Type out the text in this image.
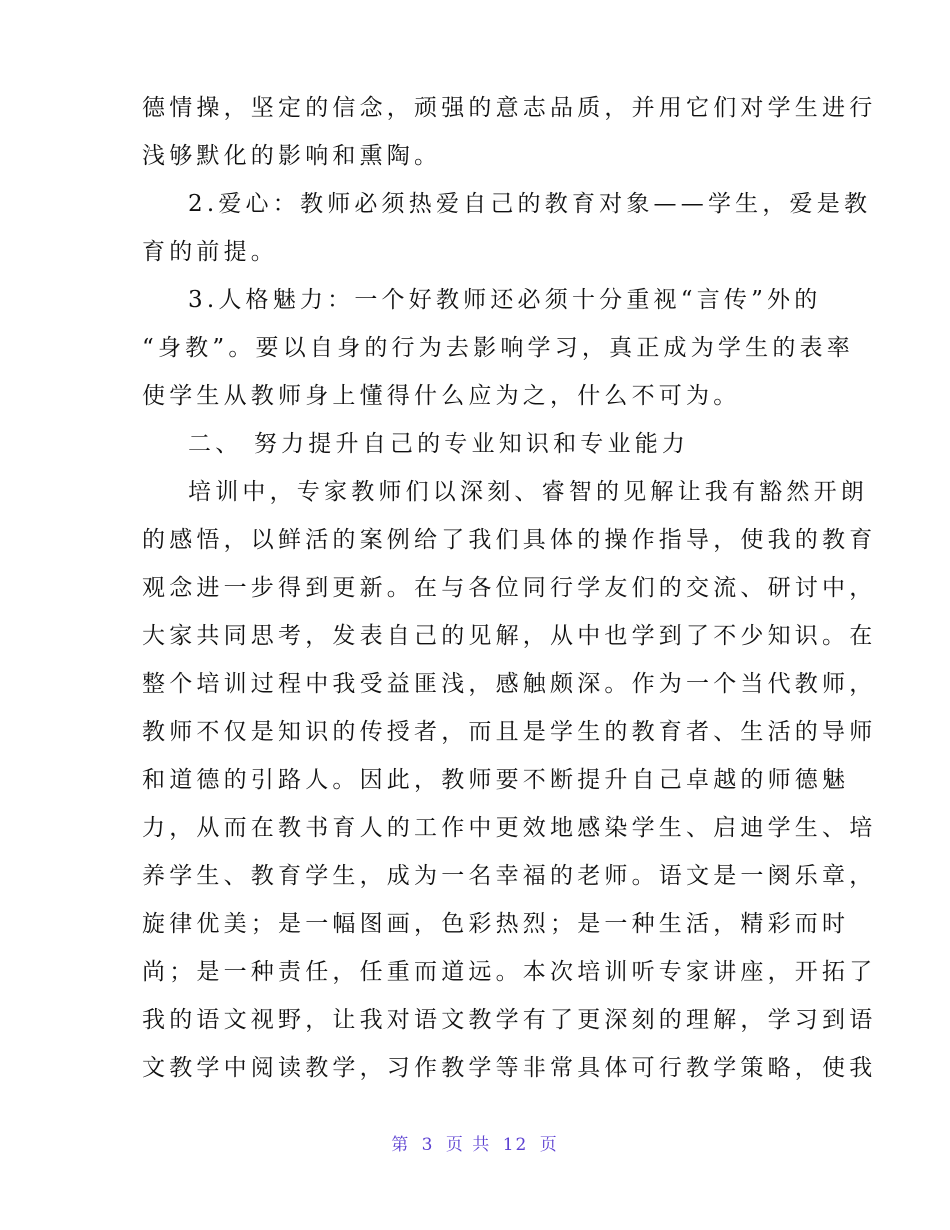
德情操，坚定的信念，顽强的意志品质，并用它们对学生进行
浅够默化的影响和熏陶。
2.爱心：教师必须热爱自己的教育对象——学生，爱是教
育的前提。
3.人格魅力：一个好教师还必须十分重视“言传”外的
“身教”。要以自身的行为去影响学习，真正成为学生的表率
使学生从教师身上懂得什么应为之，什么不可为。
二、 努力提升自己的专业知识和专业能力
培训中，专家教师们以深刻、睿智的见解让我有豁然开朗
的感悟，以鲜活的案例给了我们具体的操作指导，使我的教育
观念进一步得到更新。在与各位同行学友们的交流、研讨中，
大家共同思考，发表自己的见解，从中也学到了不少知识。在
整个培训过程中我受益匪浅，感触颇深。作为一个当代教师，
教师不仅是知识的传授者，而且是学生的教育者、生活的导师
和道德的引路人。因此，教师要不断提升自己卓越的师德魅
力，从而在教书育人的工作中更效地感染学生、启迪学生、培
养学生、教育学生，成为一名幸福的老师。语文是一阕乐章，
旋律优美；是一幅图画，色彩热烈；是一种生活，精彩而时
尚；是一种责任，任重而道远。本次培训听专家讲座，开拓了
我的语文视野，让我对语文教学有了更深刻的理解，学习到语
文教学中阅读教学，习作教学等非常具体可行教学策略，使我
第 3 页 共 12 页
